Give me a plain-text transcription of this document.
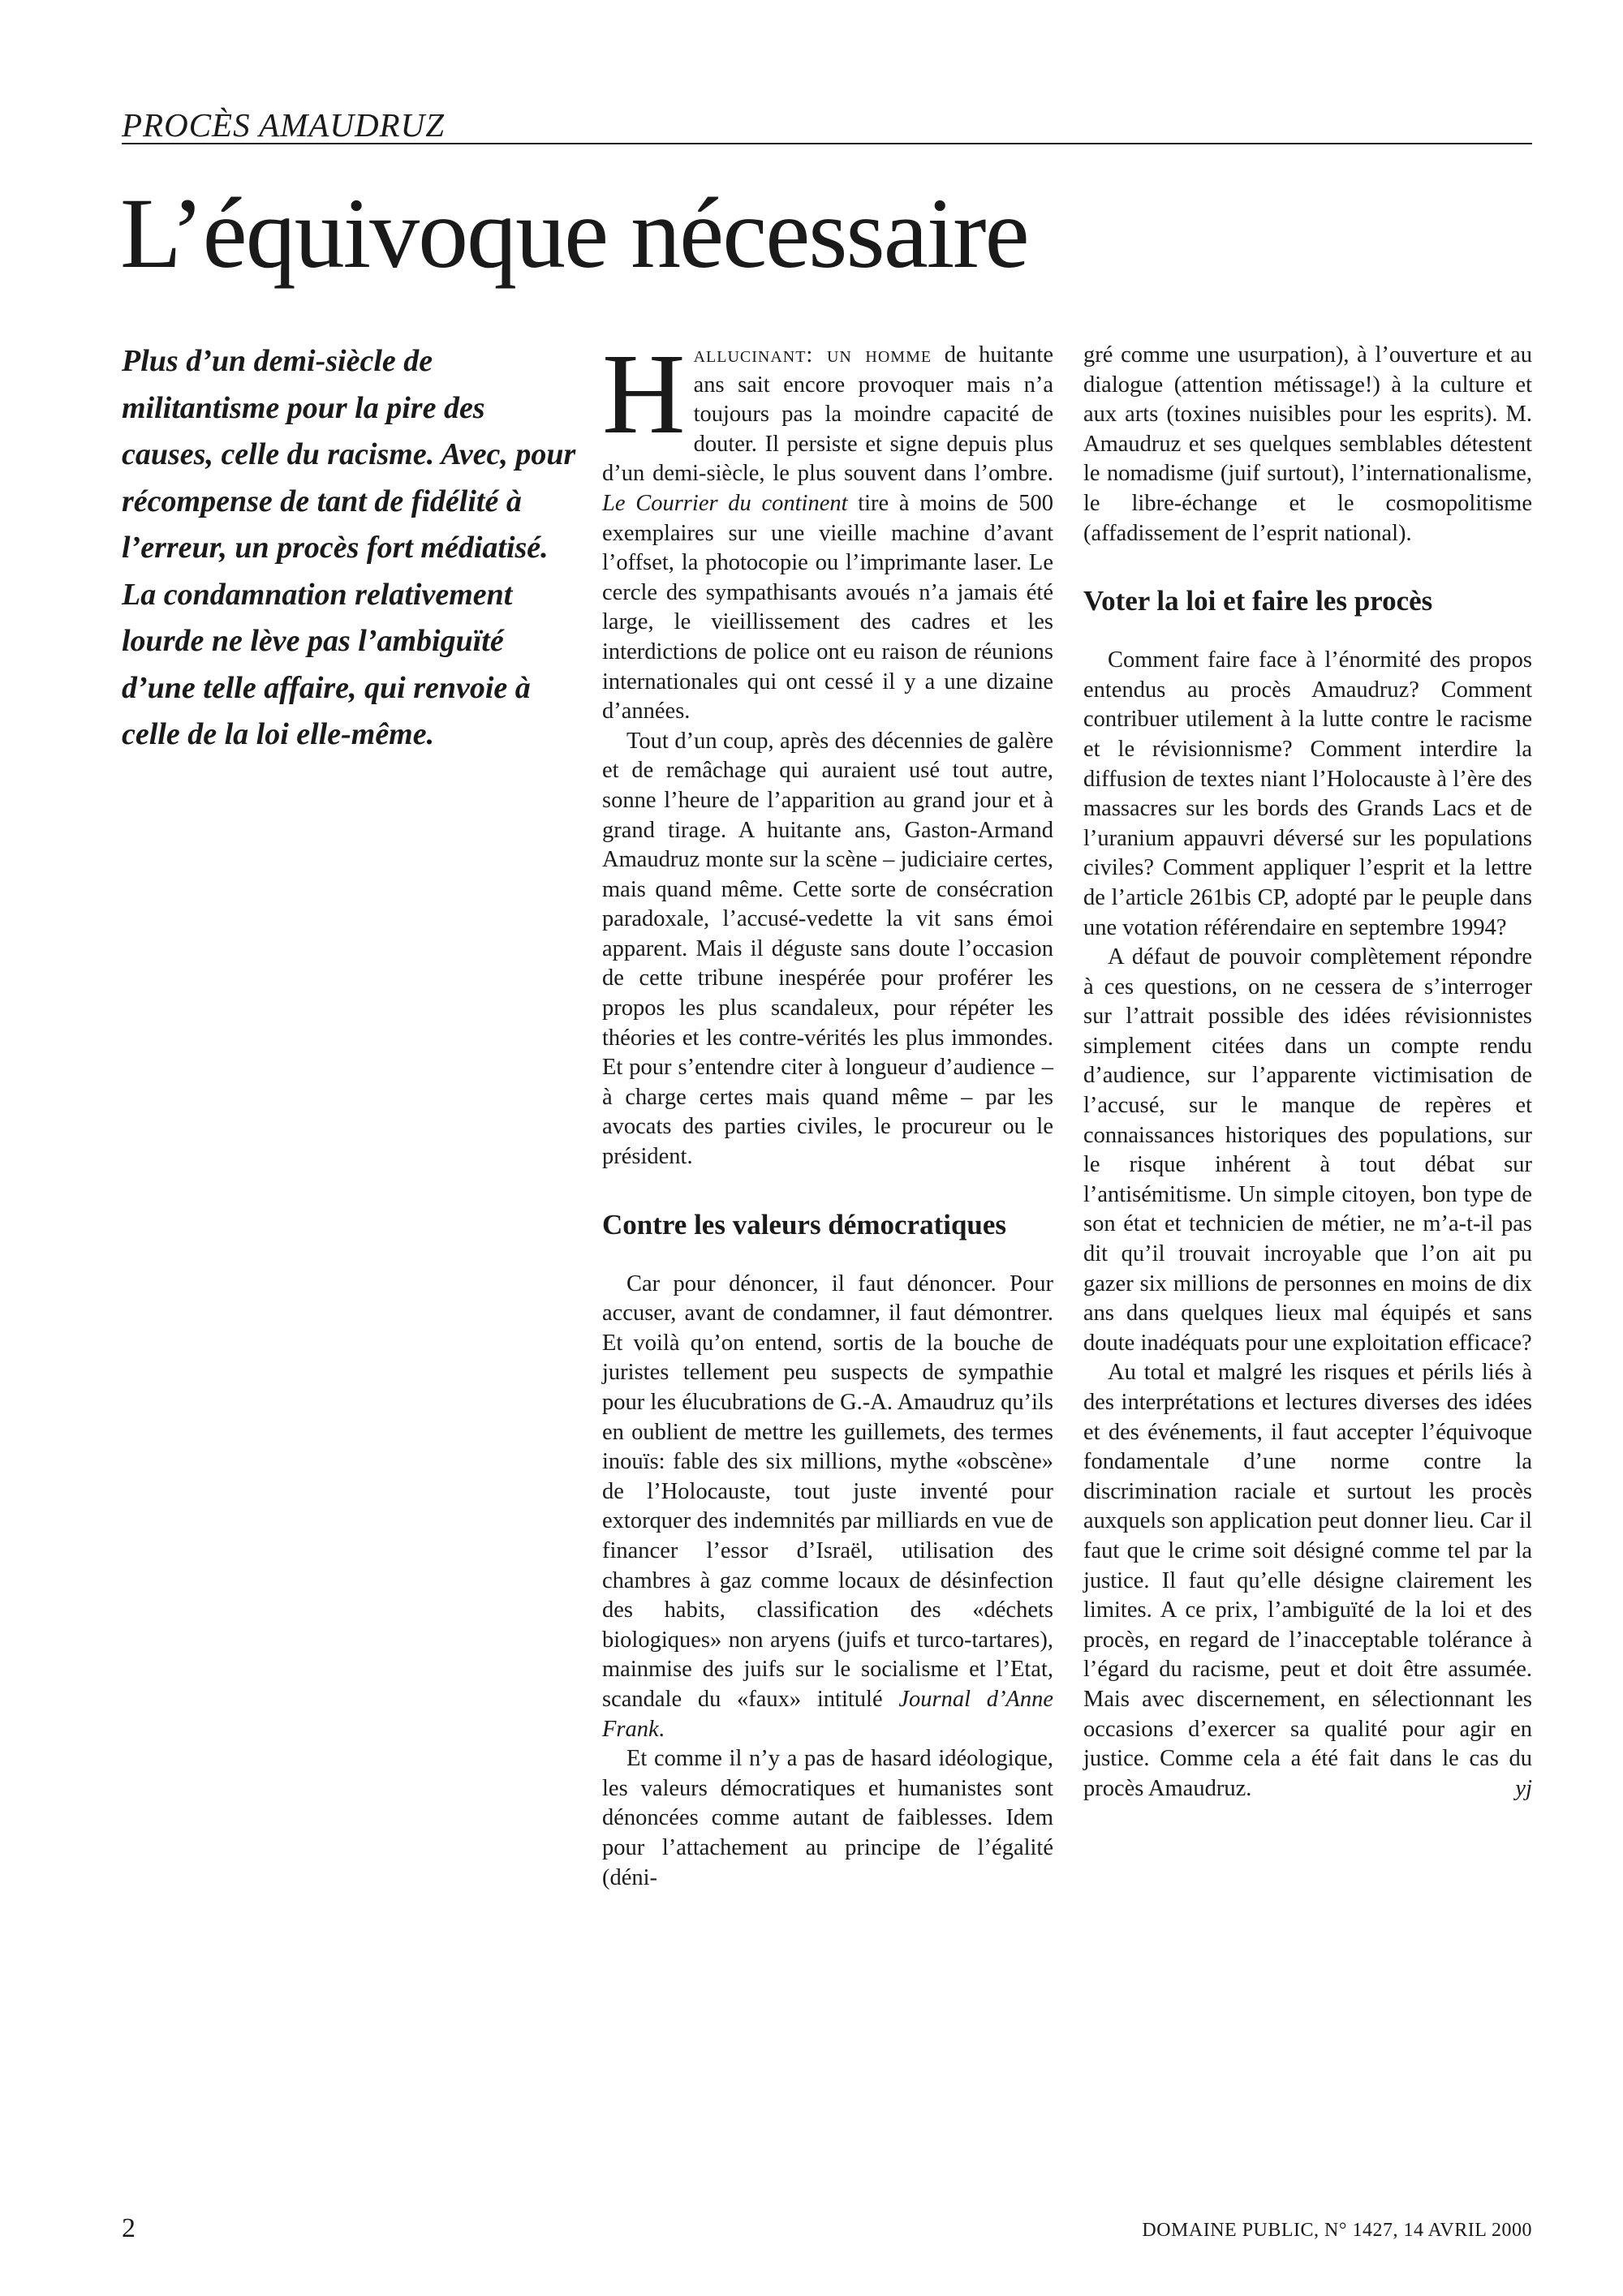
PROCÈS AMAUDRUZ
L’équivoque nécessaire
Plus d’un demi-siècle de militantisme pour la pire des causes, celle du racisme. Avec, pour récompense de tant de fidélité à l’erreur, un procès fort médiatisé. La condamnation relativement lourde ne lève pas l’ambiguïté d’une telle affaire, qui renvoie à celle de la loi elle-même.

Hallucinant: un homme de huitante ans sait encore provoquer mais n’a toujours pas la moindre capacité de douter. Il persiste et signe depuis plus d’un demi-siècle, le plus souvent dans l’ombre. Le Courrier du continent tire à moins de 500 exemplaires sur une vieille machine d’avant l’offset, la photocopie ou l’imprimante laser. Le cercle des sympathisants avoués n’a jamais été large, le vieillissement des cadres et les interdictions de police ont eu raison de réunions internationales qui ont cessé il y a une dizaine d’années.

Tout d’un coup, après des décennies de galère et de remâchage qui auraient usé tout autre, sonne l’heure de l’apparition au grand jour et à grand tirage. A huitante ans, Gaston-Armand Amaudruz monte sur la scène – judiciaire certes, mais quand même. Cette sorte de consécration paradoxale, l’accusé-vedette la vit sans émoi apparent. Mais il déguste sans doute l’occasion de cette tribune inespérée pour proférer les propos les plus scandaleux, pour répéter les théories et les contre-vérités les plus immondes. Et pour s’entendre citer à longueur d’audience – à charge certes mais quand même – par les avocats des parties civiles, le procureur ou le président.

Contre les valeurs démocratiques

Car pour dénoncer, il faut dénoncer. Pour accuser, avant de condamner, il faut démontrer. Et voilà qu’on entend, sortis de la bouche de juristes tellement peu suspects de sympathie pour les élucubrations de G.-A. Amaudruz qu’ils en oublient de mettre les guillemets, des termes inouïs: fable des six millions, mythe «obscène» de l’Holocauste, tout juste inventé pour extorquer des indemnités par milliards en vue de financer l’essor d’Israël, utilisation des chambres à gaz comme locaux de désinfection des habits, classification des «déchets biologiques» non aryens (juifs et turco-tartares), mainmise des juifs sur le socialisme et l’Etat, scandale du «faux» intitulé Journal d’Anne Frank.

Et comme il n’y a pas de hasard idéologique, les valeurs démocratiques et humanistes sont dénoncées comme autant de faiblesses. Idem pour l’attachement au principe de l’égalité (déni-

gré comme une usurpation), à l’ouverture et au dialogue (attention métissage!) à la culture et aux arts (toxines nuisibles pour les esprits). M. Amaudruz et ses quelques semblables détestent le nomadisme (juif surtout), l’internationalisme, le libre-échange et le cosmopolitisme (affadissement de l’esprit national).

Voter la loi et faire les procès

Comment faire face à l’énormité des propos entendus au procès Amaudruz? Comment contribuer utilement à la lutte contre le racisme et le révisionnisme? Comment interdire la diffusion de textes niant l’Holocauste à l’ère des massacres sur les bords des Grands Lacs et de l’uranium appauvri déversé sur les populations civiles? Comment appliquer l’esprit et la lettre de l’article 261bis CP, adopté par le peuple dans une votation référendaire en septembre 1994?

A défaut de pouvoir complètement répondre à ces questions, on ne cessera de s’interroger sur l’attrait possible des idées révisionnistes simplement citées dans un compte rendu d’audience, sur l’apparente victimisation de l’accusé, sur le manque de repères et connaissances historiques des populations, sur le risque inhérent à tout débat sur l’antisémitisme. Un simple citoyen, bon type de son état et technicien de métier, ne m’a-t-il pas dit qu’il trouvait incroyable que l’on ait pu gazer six millions de personnes en moins de dix ans dans quelques lieux mal équipés et sans doute inadéquats pour une exploitation efficace?

Au total et malgré les risques et périls liés à des interprétations et lectures diverses des idées et des événements, il faut accepter l’équivoque fondamentale d’une norme contre la discrimination raciale et surtout les procès auxquels son application peut donner lieu. Car il faut que le crime soit désigné comme tel par la justice. Il faut qu’elle désigne clairement les limites. A ce prix, l’ambiguïté de la loi et des procès, en regard de l’inacceptable tolérance à l’égard du racisme, peut et doit être assumée. Mais avec discernement, en sélectionnant les occasions d’exercer sa qualité pour agir en justice. Comme cela a été fait dans le cas du procès Amaudruz.	yj

2	DOMAINE PUBLIC, N° 1427, 14 AVRIL 2000
